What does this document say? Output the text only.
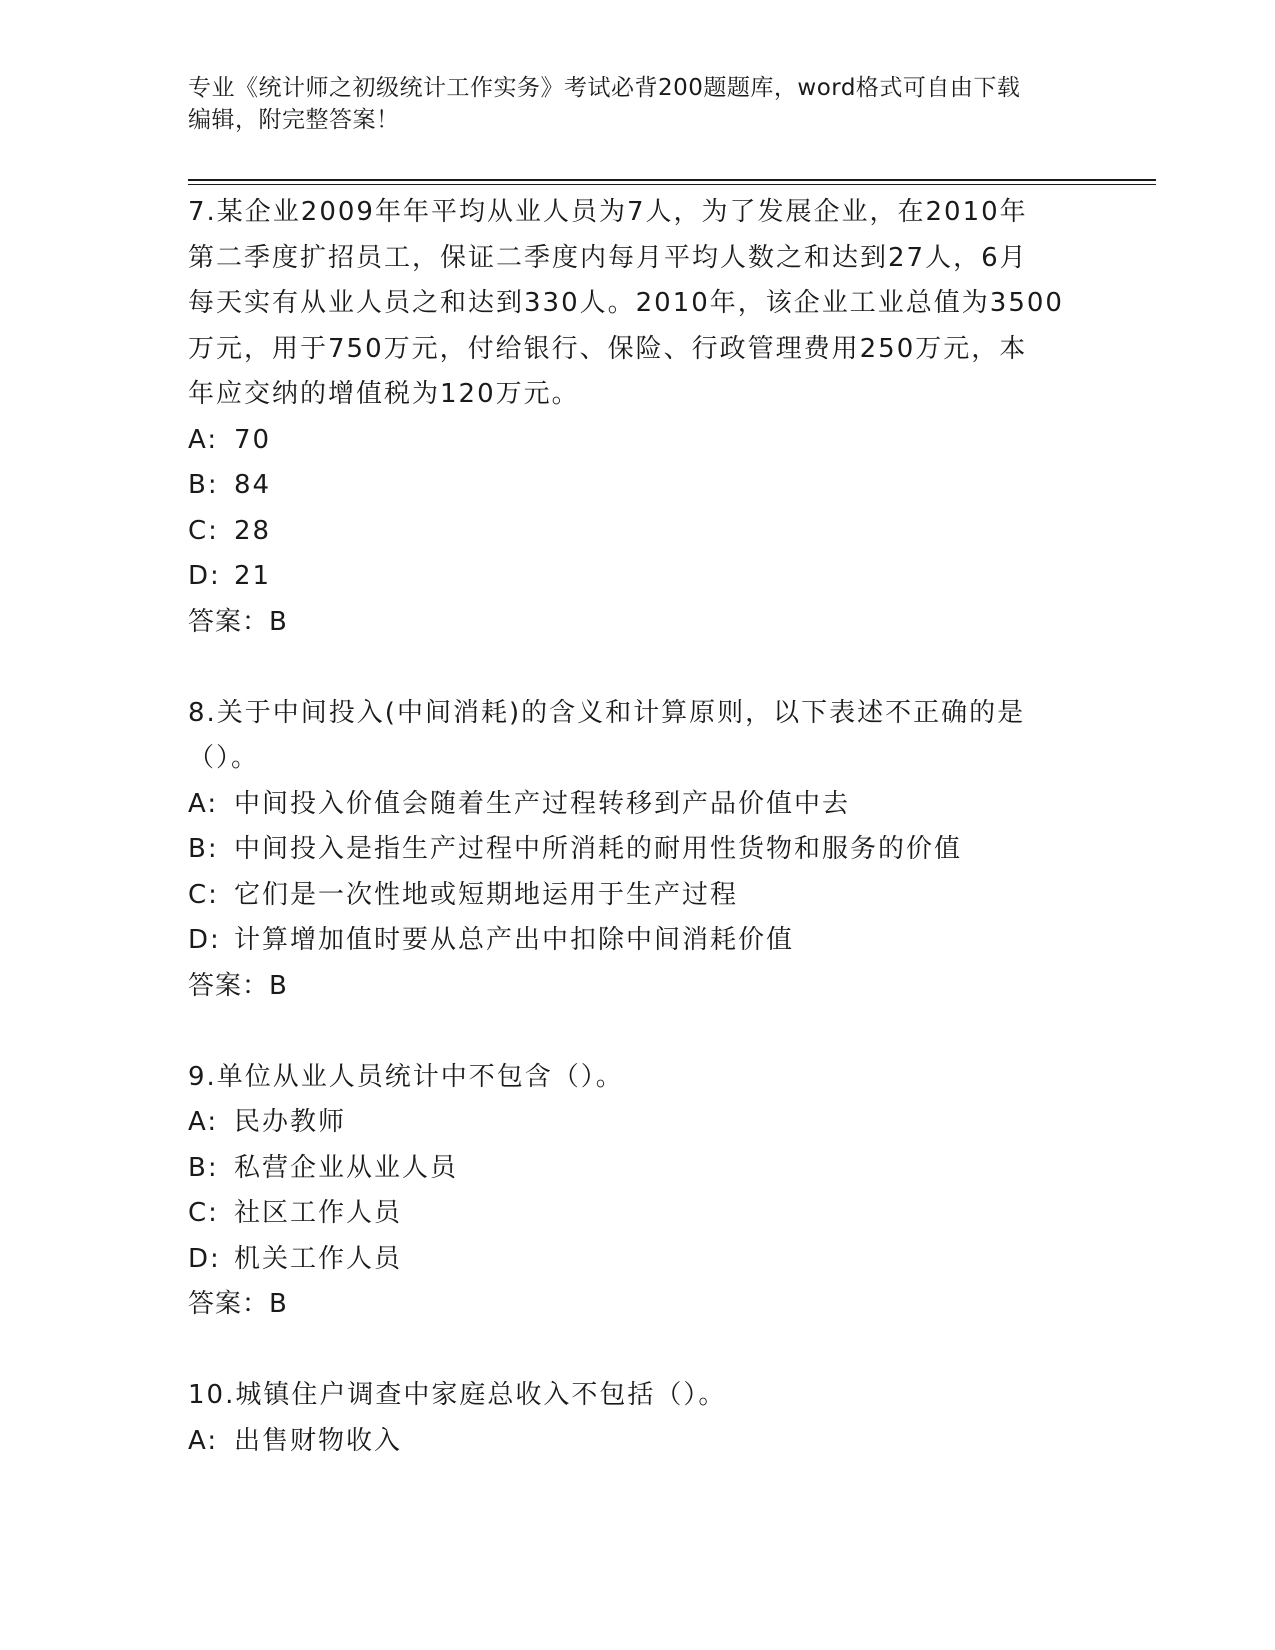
专业《统计师之初级统计工作实务》考试必背200题题库，word格式可自由下载
编辑，附完整答案！

7.某企业2009年年平均从业人员为7人，为了发展企业，在2010年

第二季度扩招员工，保证二季度内每月平均人数之和达到27人，6月

每天实有从业人员之和达到330人。2010年，该企业工业总值为3500

万元，用于750万元，付给银行、保险、行政管理费用250万元，本

年应交纳的增值税为120万元。

A: 70

B: 84

C: 28

D: 21

答案：B

8.关于中间投入(中间消耗)的含义和计算原则，以下表述不正确的是

（）。

A: 中间投入价值会随着生产过程转移到产品价值中去

B: 中间投入是指生产过程中所消耗的耐用性货物和服务的价值

C: 它们是一次性地或短期地运用于生产过程

D: 计算增加值时要从总产出中扣除中间消耗价值

答案：B

9.单位从业人员统计中不包含（）。

A: 民办教师

B: 私营企业从业人员

C: 社区工作人员

D: 机关工作人员

答案：B

10.城镇住户调查中家庭总收入不包括（）。

A: 出售财物收入
